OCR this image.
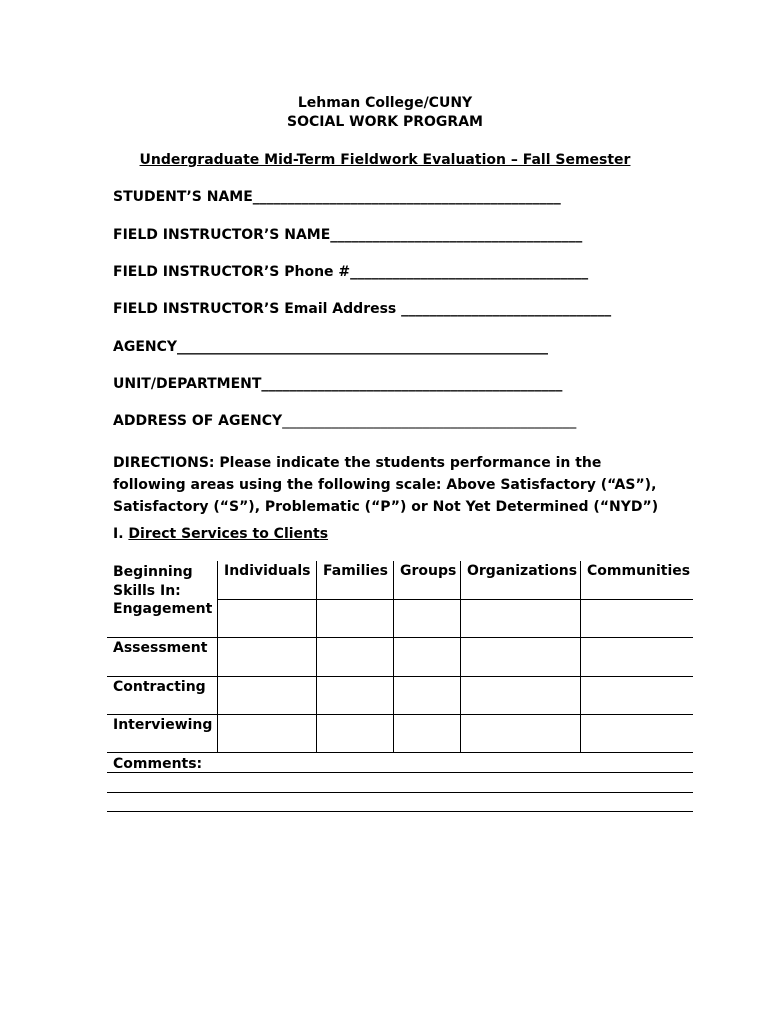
Lehman College/CUNY
SOCIAL WORK PROGRAM
Undergraduate Mid-Term Fieldwork Evaluation – Fall Semester
STUDENT’S NAME____________________________________________
FIELD INSTRUCTOR’S NAME____________________________________
FIELD INSTRUCTOR’S Phone #__________________________________
FIELD INSTRUCTOR’S Email Address ______________________________
AGENCY_____________________________________________________
UNIT/DEPARTMENT___________________________________________
ADDRESS OF AGENCY__________________________________________
DIRECTIONS: Please indicate the students performance in the following areas using the following scale: Above Satisfactory (“AS”), Satisfactory (“S”), Problematic (“P”) or Not Yet Determined (“NYD”)
I. Direct Services to Clients
Beginning
Skills In:
Individuals Families Groups Organizations Communities
Engagement
Assessment
Contracting
Interviewing
Comments:
